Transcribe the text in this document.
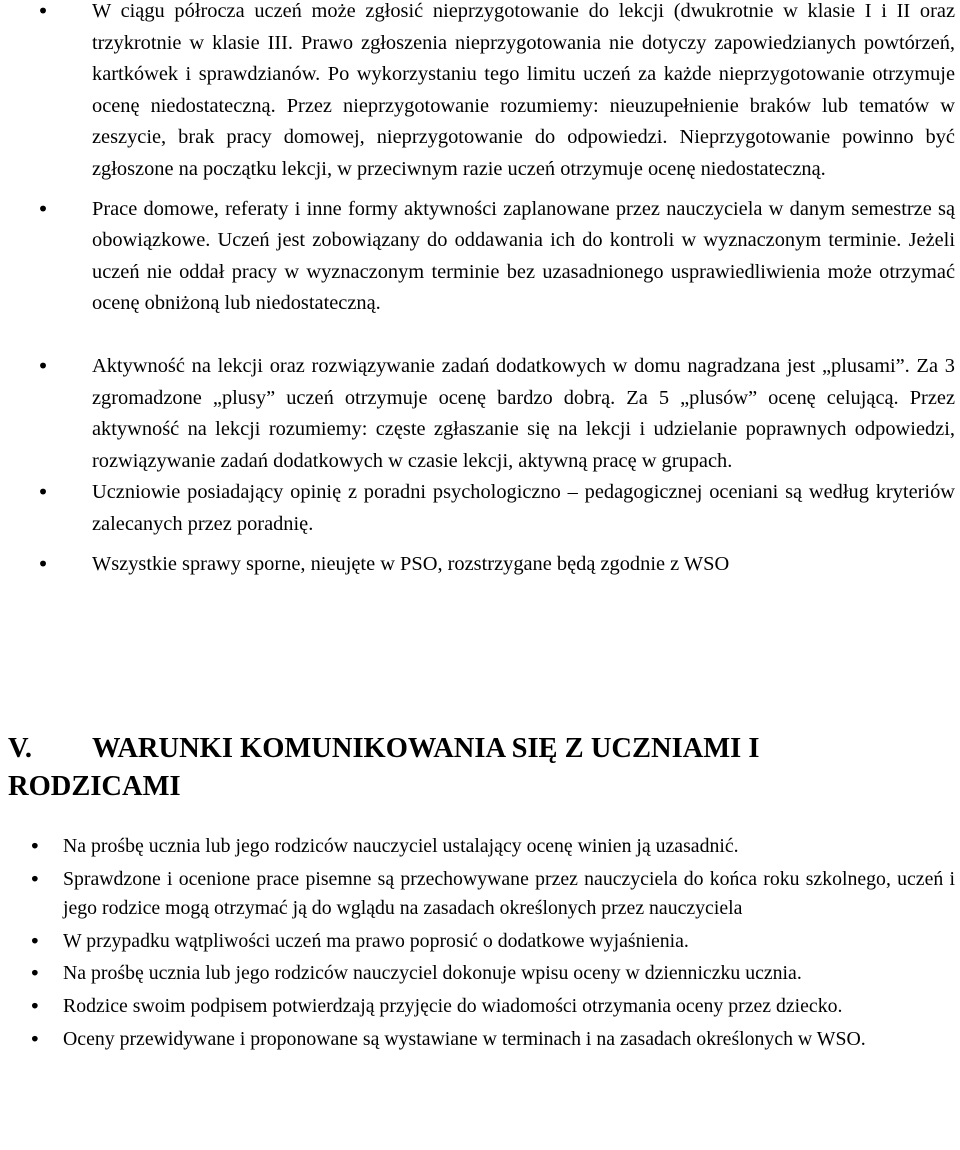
• W ciągu półrocza uczeń może zgłosić nieprzygotowanie do lekcji (dwukrotnie w klasie I i II oraz trzykrotnie w klasie III. Prawo zgłoszenia nieprzygotowania nie dotyczy zapowiedzianych powtórzeń, kartkówek i sprawdzianów. Po wykorzystaniu tego limitu uczeń za każde nieprzygotowanie otrzymuje ocenę niedostateczną. Przez nieprzygotowanie rozumiemy: nieuzupełnienie braków lub tematów w zeszycie, brak pracy domowej, nieprzygotowanie do odpowiedzi. Nieprzygotowanie powinno być zgłoszone na początku lekcji, w przeciwnym razie uczeń otrzymuje ocenę niedostateczną.
• Prace domowe, referaty i inne formy aktywności zaplanowane przez nauczyciela w danym semestrze są obowiązkowe. Uczeń jest zobowiązany do oddawania ich do kontroli w wyznaczonym terminie. Jeżeli uczeń nie oddał pracy w wyznaczonym terminie bez uzasadnionego usprawiedliwienia może otrzymać ocenę obniżoną lub niedostateczną.
• Aktywność na lekcji oraz rozwiązywanie zadań dodatkowych w domu nagradzana jest „plusami”. Za 3 zgromadzone „plusy” uczeń otrzymuje ocenę bardzo dobrą. Za 5 „plusów” ocenę celującą. Przez aktywność na lekcji rozumiemy: częste zgłaszanie się na lekcji i udzielanie poprawnych odpowiedzi, rozwiązywanie zadań dodatkowych w czasie lekcji, aktywną pracę w grupach.
• Uczniowie posiadający opinię z poradni psychologiczno – pedagogicznej oceniani są według kryteriów zalecanych przez poradnię.
• Wszystkie sprawy sporne, nieujęte w PSO, rozstrzygane będą zgodnie z WSO
V. WARUNKI KOMUNIKOWANIA SIĘ Z UCZNIAMI I RODZICAMI
• Na prośbę ucznia lub jego rodziców nauczyciel ustalający ocenę winien ją uzasadnić.
• Sprawdzone i ocenione prace pisemne są przechowywane przez nauczyciela do końca roku szkolnego, uczeń i jego rodzice mogą otrzymać ją do wglądu na zasadach określonych przez nauczyciela
• W przypadku wątpliwości uczeń ma prawo poprosić o dodatkowe wyjaśnienia.
• Na prośbę ucznia lub jego rodziców nauczyciel dokonuje wpisu oceny w dzienniczku ucznia.
• Rodzice swoim podpisem potwierdzają przyjęcie do wiadomości otrzymania oceny przez dziecko.
• Oceny przewidywane i proponowane są wystawiane w terminach i na zasadach określonych w WSO.
